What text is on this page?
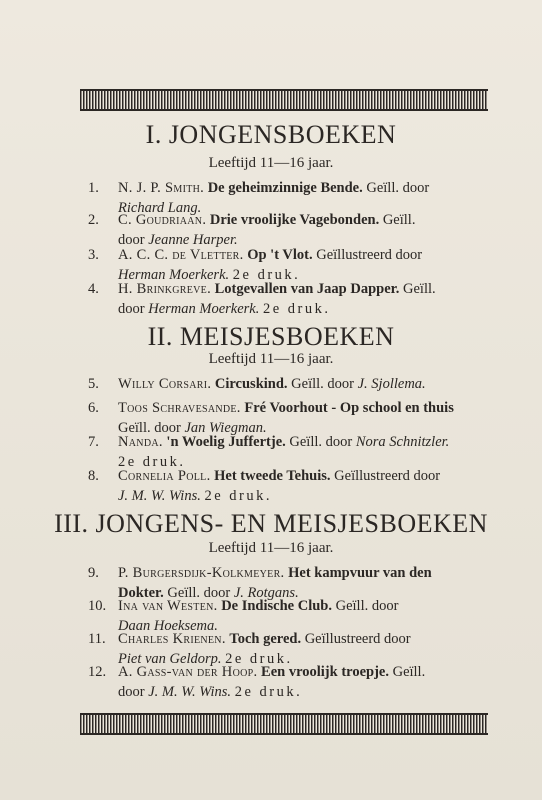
I. JONGENSBOEKEN
Leeftijd 11—16 jaar.
1.	N. J. P. Smith. De geheimzinnige Bende. Geïll. door
Richard Lang.
2.	C. Goudriaan. Drie vroolijke Vagebonden. Geïll.
door Jeanne Harper.
3.	A. C. C. de Vletter. Op 't Vlot. Geïllustreerd door
Herman Moerkerk. 2e druk.
4.	H. Brinkgreve. Lotgevallen van Jaap Dapper. Geïll.
door Herman Moerkerk. 2e druk.
II. MEISJESBOEKEN
Leeftijd 11—16 jaar.
5.	Willy Corsari. Circuskind. Geïll. door J. Sjollema.
6.	Toos Schravesande. Fré Voorhout - Op school en thuis
Geïll. door Jan Wiegman.
7.	Nanda. 'n Woelig Juffertje. Geïll. door Nora Schnitzler.
2e druk.
8.	Cornelia Poll. Het tweede Tehuis. Geïllustreerd door
J. M. W. Wins. 2e druk.
III. JONGENS- EN MEISJESBOEKEN
Leeftijd 11—16 jaar.
9.	P. Burgersdijk-Kolkmeyer. Het kampvuur van den
Dokter. Geïll. door J. Rotgans.
10. Ina van Westen. De Indische Club. Geïll. door
Daan Hoeksema.
11. Charles Krienen. Toch gered. Geïllustreerd door
Piet van Geldorp. 2e druk.
12. A. Gass-van der Hoop. Een vroolijk troepje. Geïll.
door J. M. W. Wins. 2e druk.
